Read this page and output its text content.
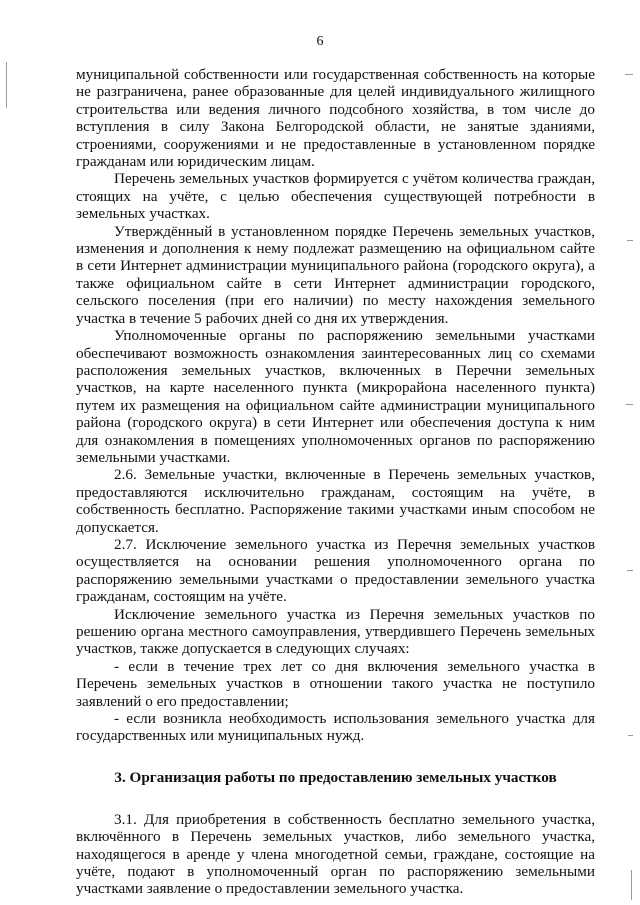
6

муниципальной собственности или государственная собственность на которые не разграничена, ранее образованные для целей индивидуального жилищного строительства или ведения личного подсобного хозяйства, в том числе до вступления в силу Закона Белгородской области, не занятые зданиями, строениями, сооружениями и не предоставленные в установленном порядке гражданам или юридическим лицам.

Перечень земельных участков формируется с учётом количества граждан, стоящих на учёте, с целью обеспечения существующей потребности в земельных участках.

Утверждённый в установленном порядке Перечень земельных участков, изменения и дополнения к нему подлежат размещению на официальном сайте в сети Интернет администрации муниципального района (городского округа), а также официальном сайте в сети Интернет администрации городского, сельского поселения (при его наличии) по месту нахождения земельного участка в течение 5 рабочих дней со дня их утверждения.

Уполномоченные органы по распоряжению земельными участками обеспечивают возможность ознакомления заинтересованных лиц со схемами расположения земельных участков, включенных в Перечни земельных участков, на карте населенного пункта (микрорайона населенного пункта) путем их размещения на официальном сайте администрации муниципального района (городского округа) в сети Интернет или обеспечения доступа к ним для ознакомления в помещениях уполномоченных органов по распоряжению земельными участками.

2.6. Земельные участки, включенные в Перечень земельных участков, предоставляются исключительно гражданам, состоящим на учёте, в собственность бесплатно. Распоряжение такими участками иным способом не допускается.

2.7. Исключение земельного участка из Перечня земельных участков осуществляется на основании решения уполномоченного органа по распоряжению земельными участками о предоставлении земельного участка гражданам, состоящим на учёте.

Исключение земельного участка из Перечня земельных участков по решению органа местного самоуправления, утвердившего Перечень земельных участков, также допускается в следующих случаях:

- если в течение трех лет со дня включения земельного участка в Перечень земельных участков в отношении такого участка не поступило заявлений о его предоставлении;

- если возникла необходимость использования земельного участка для государственных или муниципальных нужд.

3. Организация работы по предоставлению земельных участков

3.1. Для приобретения в собственность бесплатно земельного участка, включённого в Перечень земельных участков, либо земельного участка, находящегося в аренде у члена многодетной семьи, граждане, состоящие на учёте, подают в уполномоченный орган по распоряжению земельными участками заявление о предоставлении земельного участка.
